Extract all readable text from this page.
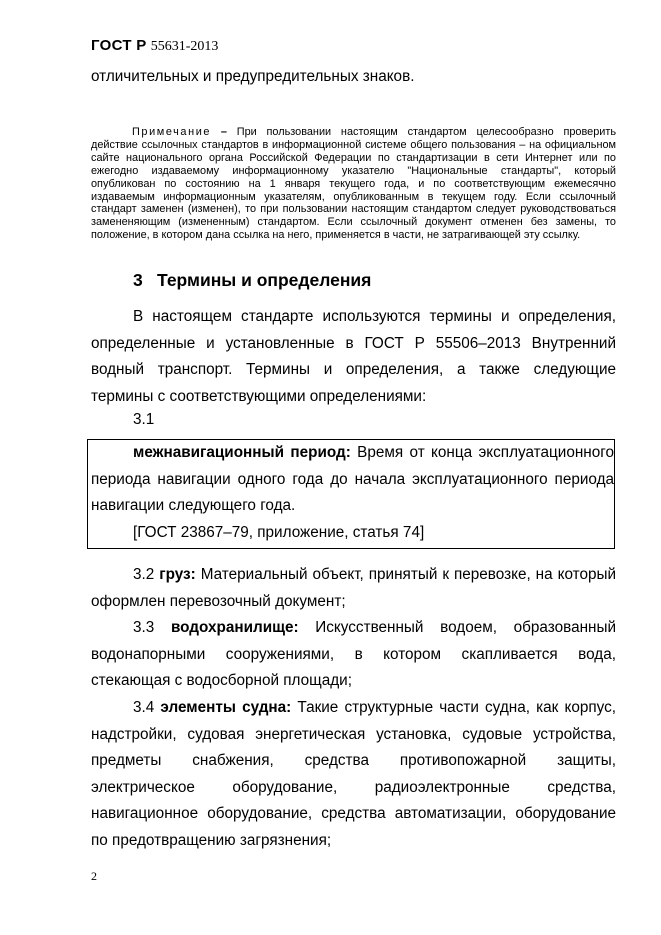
ГОСТ Р 55631-2013
отличительных и предупредительных знаков.

Примечание – При пользовании настоящим стандартом целесообразно проверить действие ссылочных стандартов в информационной системе общего пользования – на официальном сайте национального органа Российской Федерации по стандартизации в сети Интернет или по ежегодно издаваемому информационному указателю "Национальные стандарты", который опубликован по состоянию на 1 января текущего года, и по соответствующим ежемесячно издаваемым информационным указателям, опубликованным в текущем году. Если ссылочный стандарт заменен (изменен), то при пользовании настоящим стандартом следует руководствоваться замененяющим (измененным) стандартом. Если ссылочный документ отменен без замены, то положение, в котором дана ссылка на него, применяется в части, не затрагивающей эту ссылку.

3 Термины и определения

В настоящем стандарте используются термины и определения, определенные и установленные в ГОСТ Р 55506–2013 Внутренний водный транспорт. Термины и определения, а также следующие термины с соответствующими определениями:

3.1

межнавигационный период: Время от конца эксплуатационного периода навигации одного года до начала эксплуатационного периода навигации следующего года.

[ГОСТ 23867–79, приложение, статья 74]

3.2 груз: Материальный объект, принятый к перевозке, на который оформлен перевозочный документ;

3.3 водохранилище: Искусственный водоем, образованный водонапорными сооружениями, в котором скапливается вода, стекающая с водосборной площади;

3.4 элементы судна: Такие структурные части судна, как корпус, надстройки, судовая энергетическая установка, судовые устройства, предметы снабжения, средства противопожарной защиты, электрическое оборудование, радиоэлектронные средства, навигационное оборудование, средства автоматизации, оборудование по предотвращению загрязнения;

2
